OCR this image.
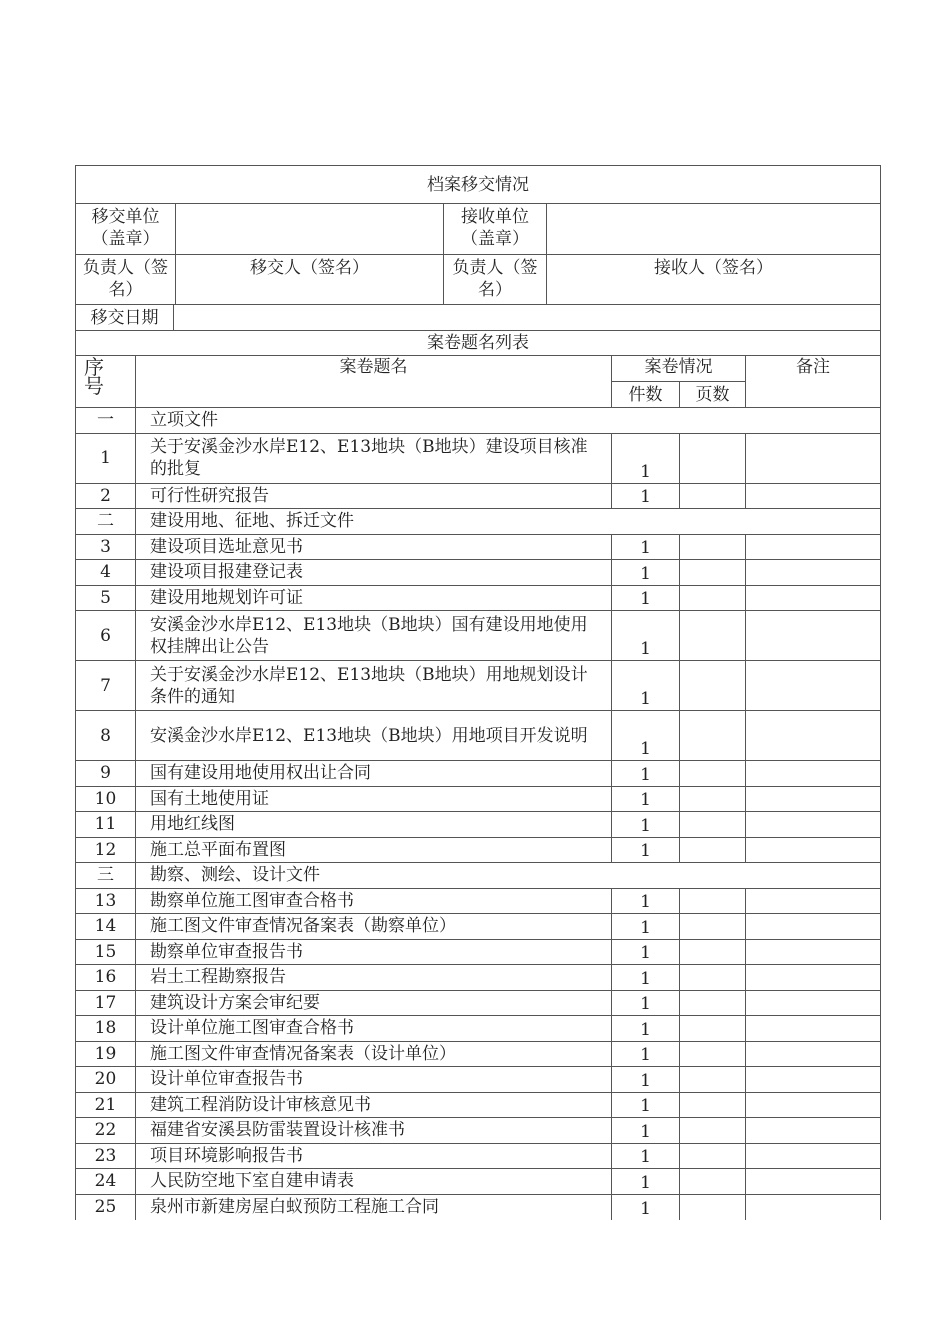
档案移交情况			

移交单位（盖章）		接收单位（盖章）	

负责人（签名）	移交人（签名）	负责人（签名）	接收人（签名）
移交日期	
案卷题名列表
序号	案卷题名	案卷情况		备注
		件数	页数	
一	立项文件			
1	关于安溪金沙水岸E12、E13地块（B地块）建设项目核准的批复	1		
2	可行性研究报告	1		
二	建设用地、征地、拆迁文件			
3	建设项目选址意见书	1		
4	建设项目报建登记表	1		
5	建设用地规划许可证	1		
6	安溪金沙水岸E12、E13地块（B地块）国有建设用地使用权挂牌出让公告	1		
7	关于安溪金沙水岸E12、E13地块（B地块）用地规划设计条件的通知	1		
8	安溪金沙水岸E12、E13地块（B地块）用地项目开发说明	1		
9	国有建设用地使用权出让合同	1		
10	国有土地使用证	1		
11	用地红线图	1		
12	施工总平面布置图	1		
三	勘察、测绘、设计文件			
13	勘察单位施工图审查合格书	1		
14	施工图文件审查情况备案表（勘察单位）	1		
15	勘察单位审查报告书	1		
16	岩土工程勘察报告	1		
17	建筑设计方案会审纪要	1		
18	设计单位施工图审查合格书	1		
19	施工图文件审查情况备案表（设计单位）	1		
20	设计单位审查报告书	1		
21	建筑工程消防设计审核意见书	1		
22	福建省安溪县防雷装置设计核准书	1		
23	项目环境影响报告书	1		
24	人民防空地下室自建申请表	1		
25	泉州市新建房屋白蚁预防工程施工合同	1		
